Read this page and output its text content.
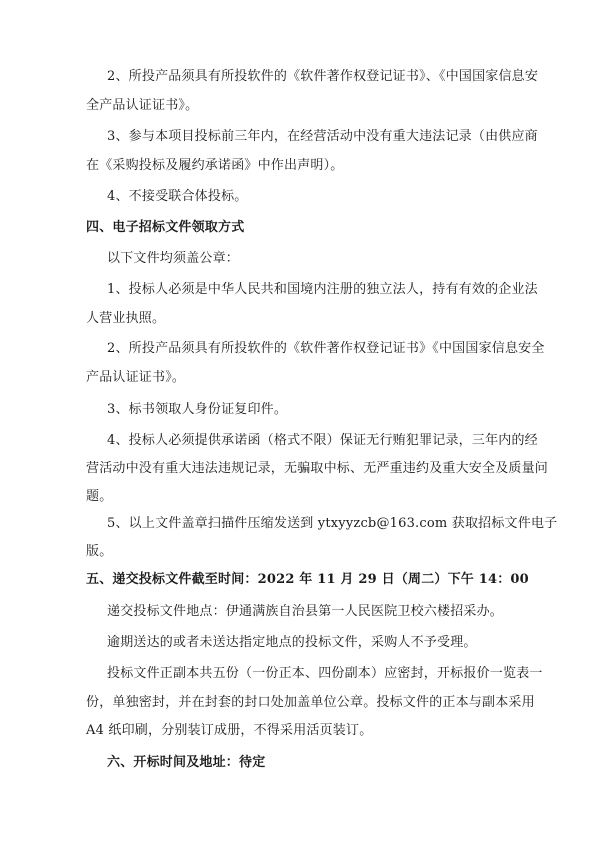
2、所投产品须具有所投软件的《软件著作权登记证书》、《中国国家信息安
全产品认证证书》。
3、参与本项目投标前三年内，在经营活动中没有重大违法记录（由供应商
在《采购投标及履约承诺函》中作出声明）。
4、不接受联合体投标。
四、电子招标文件领取方式
以下文件均须盖公章：
1、投标人必须是中华人民共和国境内注册的独立法人，持有有效的企业法
人营业执照。
2、所投产品须具有所投软件的《软件著作权登记证书》《中国国家信息安全
产品认证证书》。
3、标书领取人身份证复印件。
4、投标人必须提供承诺函（格式不限）保证无行贿犯罪记录，三年内的经
营活动中没有重大违法违规记录，无骗取中标、无严重违约及重大安全及质量问
题。
5、以上文件盖章扫描件压缩发送到 ytxyyzcb@163.com 获取招标文件电子
版。
五、递交投标文件截至时间：2022 年 11 月 29 日（周二）下午 14：00
递交投标文件地点：伊通满族自治县第一人民医院卫校六楼招采办。
逾期送达的或者未送达指定地点的投标文件，采购人不予受理。
投标文件正副本共五份（一份正本、四份副本）应密封，开标报价一览表一
份，单独密封，并在封套的封口处加盖单位公章。投标文件的正本与副本采用
A4 纸印刷，分别装订成册，不得采用活页装订。
六、开标时间及地址：待定
